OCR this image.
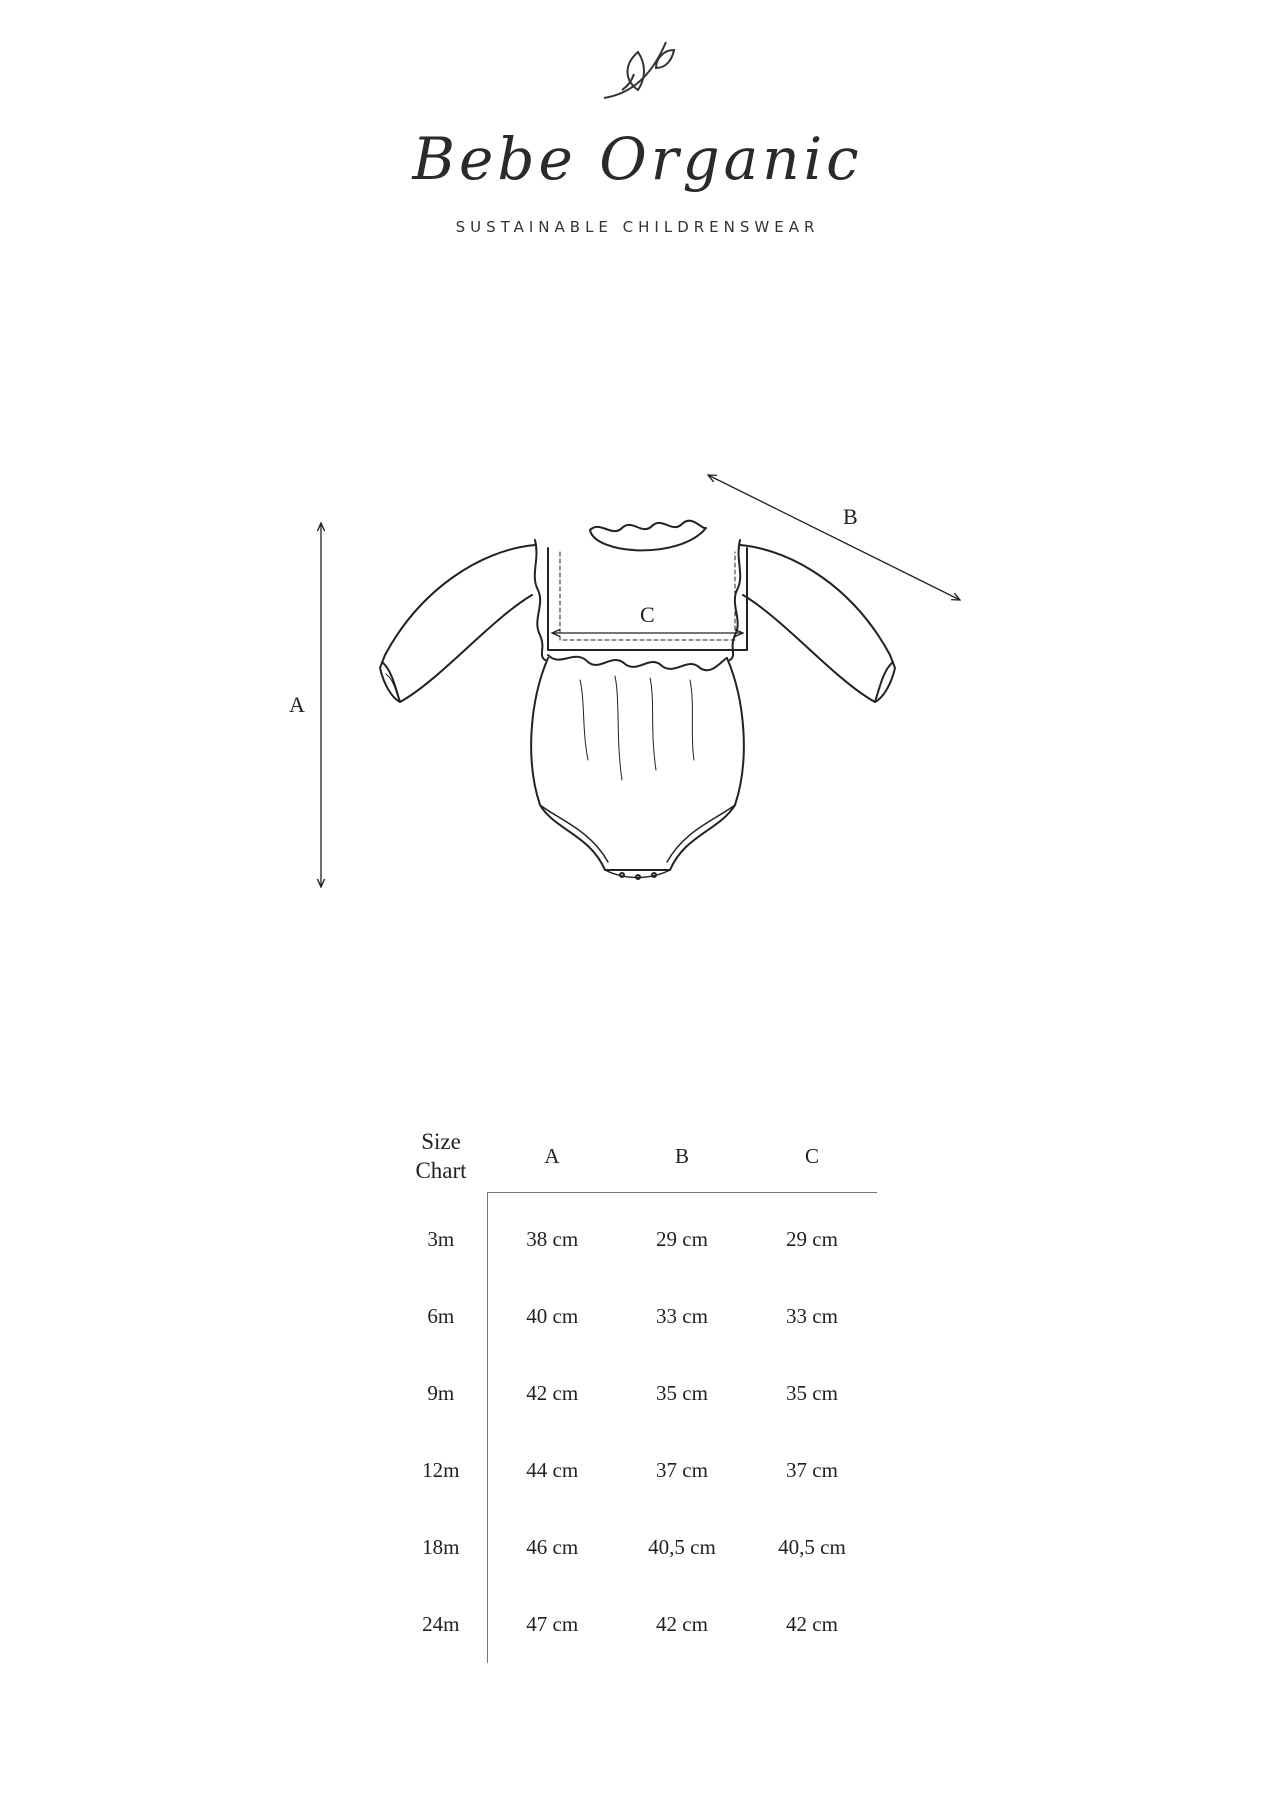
Bebe Organic
SUSTAINABLE CHILDRENSWEAR
A
B
C
Size
Chart	A	B	C
3m	38 cm	29 cm	29 cm
6m	40 cm	33 cm	33 cm
9m	42 cm	35 cm	35 cm
12m	44 cm	37 cm	37 cm
18m	46 cm	40,5 cm	40,5 cm
24m	47 cm	42 cm	42 cm
